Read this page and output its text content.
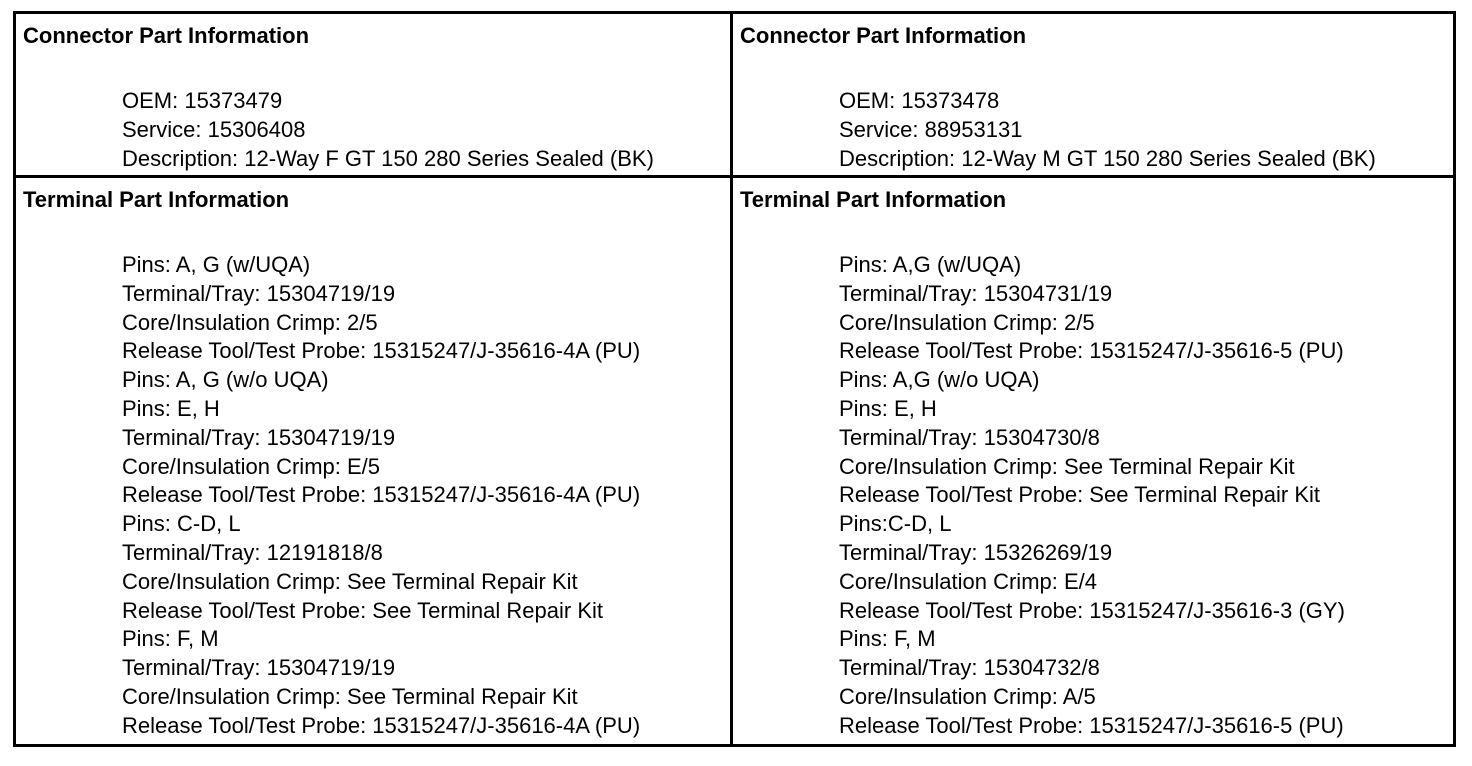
Connector Part Information
OEM: 15373479
Service: 15306408
Description: 12-Way F GT 150 280 Series Sealed (BK)
Connector Part Information
OEM: 15373478
Service: 88953131
Description: 12-Way M GT 150 280 Series Sealed (BK)
Terminal Part Information
Pins: A, G (w/UQA)
Terminal/Tray: 15304719/19
Core/Insulation Crimp: 2/5
Release Tool/Test Probe: 15315247/J-35616-4A (PU)
Pins: A, G (w/o UQA)
Pins: E, H
Terminal/Tray: 15304719/19
Core/Insulation Crimp: E/5
Release Tool/Test Probe: 15315247/J-35616-4A (PU)
Pins: C-D, L
Terminal/Tray: 12191818/8
Core/Insulation Crimp: See Terminal Repair Kit
Release Tool/Test Probe: See Terminal Repair Kit
Pins: F, M
Terminal/Tray: 15304719/19
Core/Insulation Crimp: See Terminal Repair Kit
Release Tool/Test Probe: 15315247/J-35616-4A (PU)
Terminal Part Information
Pins: A,G (w/UQA)
Terminal/Tray: 15304731/19
Core/Insulation Crimp: 2/5
Release Tool/Test Probe: 15315247/J-35616-5 (PU)
Pins: A,G (w/o UQA)
Pins: E, H
Terminal/Tray: 15304730/8
Core/Insulation Crimp: See Terminal Repair Kit
Release Tool/Test Probe: See Terminal Repair Kit
Pins:C-D, L
Terminal/Tray: 15326269/19
Core/Insulation Crimp: E/4
Release Tool/Test Probe: 15315247/J-35616-3 (GY)
Pins: F, M
Terminal/Tray: 15304732/8
Core/Insulation Crimp: A/5
Release Tool/Test Probe: 15315247/J-35616-5 (PU)
